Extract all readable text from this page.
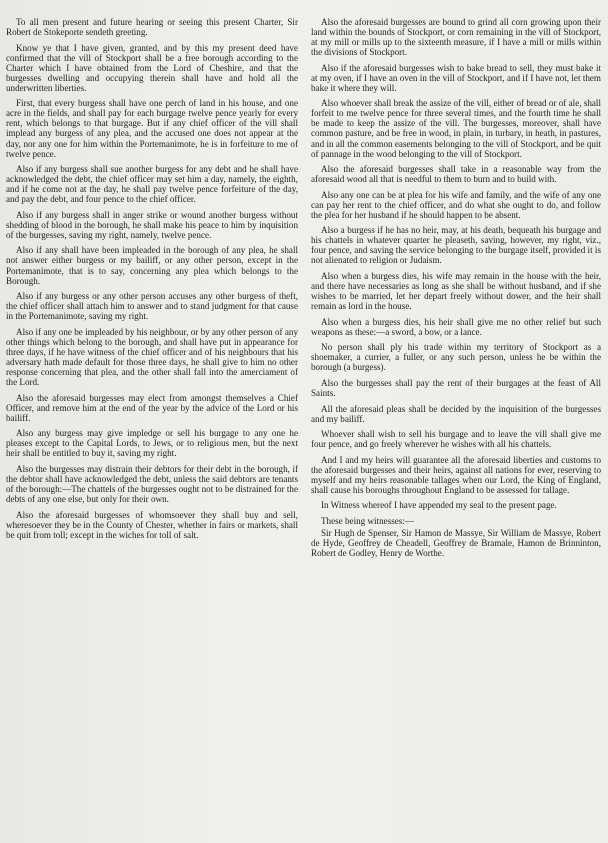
To all men present and future hearing or seeing this present Charter, Sir Robert de Stokeporte sendeth greeting.

Know ye that I have given, granted, and by this my present deed have confirmed that the vill of Stockport shall be a free borough according to the Charter which I have obtained from the Lord of Cheshire, and that the burgesses dwelling and occupying therein shall have and hold all the underwritten liberties.

First, that every burgess shall have one perch of land in his house, and one acre in the fields, and shall pay for each burgage twelve pence yearly for every rent, which belongs to that burgage. But if any chief officer of the vill shall implead any burgess of any plea, and the accused one does not appear at the day, nor any one for him within the Portemanimote, he is in forfeiture to me of twelve pence.

Also if any burgess shall sue another burgess for any debt and he shall have acknowledged the debt, the chief officer may set him a day, namely, the eighth, and if he come not at the day, he shall pay twelve pence forfeiture of the day, and pay the debt, and four pence to the chief officer.

Also if any burgess shall in anger strike or wound another burgess without shedding of blood in the borough, he shall make his peace to him by inquisition of the burgesses, saving my right, namely, twelve pence.

Also if any shall have been impleaded in the borough of any plea, he shall not answer either burgess or my bailiff, or any other person, except in the Portemanimote, that is to say, concerning any plea which belongs to the Borough.

Also if any burgess or any other person accuses any other burgess of theft, the chief officer shall attach him to answer and to stand judgment for that cause in the Portemanimote, saving my right.

Also if any one be impleaded by his neighbour, or by any other person of any other things which belong to the borough, and shall have put in appearance for three days, if he have witness of the chief officer and of his neighbours that his adversary hath made default for those three days, he shall give to him no other response concerning that plea, and the other shall fall into the amerciament of the Lord.

Also the aforesaid burgesses may elect from amongst themselves a Chief Officer, and remove him at the end of the year by the advice of the Lord or his bailiff.

Also any burgess may give impledge or sell his burgage to any one he pleases except to the Capital Lords, to Jews, or to religious men, but the next heir shall be entitled to buy it, saving my right.

Also the burgesses may distrain their debtors for their debt in the borough, if the debtor shall have acknowledged the debt, unless the said debtors are tenants of the borough:—The chattels of the burgesses ought not to be distrained for the debts of any one else, but only for their own.

Also the aforesaid burgesses of whomsoever they shall buy and sell, wheresoever they be in the County of Chester, whether in fairs or markets, shall be quit from toll; except in the wiches for toll of salt.

Also the aforesaid burgesses are bound to grind all corn growing upon their land within the bounds of Stockport, or corn remaining in the vill of Stockport, at my mill or mills up to the sixteenth measure, if I have a mill or mills within the divisions of Stockport.

Also if the aforesaid burgesses wish to bake bread to sell, they must bake it at my oven, if I have an oven in the vill of Stockport, and if I have not, let them bake it where they will.

Also whoever shall break the assize of the vill, either of bread or of ale, shall forfeit to me twelve pence for three several times, and the fourth time he shall be made to keep the assize of the vill. The burgesses, moreover, shall have common pasture, and be free in wood, in plain, in turbary, in heath, in pastures, and in all the common easements belonging to the vill of Stockport, and be quit of pannage in the wood belonging to the vill of Stockport.

Also the aforesaid burgesses shall take in a reasonable way from the aforesaid wood all that is needful to them to burn and to build with.

Also any one can be at plea for his wife and family, and the wife of any one can pay her rent to the chief officer, and do what she ought to do, and follow the plea for her husband if he should happen to be absent.

Also a burgess if he has no heir, may, at his death, bequeath his burgage and his chattels in whatever quarter he pleaseth, saving, however, my right, viz., four pence, and saving the service belonging to the burgage itself, provided it is not alienated to religion or Judaism.

Also when a burgess dies, his wife may remain in the house with the heir, and there have necessaries as long as she shall be without husband, and if she wishes to be married, let her depart freely without dower, and the heir shall remain as lord in the house.

Also when a burgess dies, his heir shall give me no other relief but such weapons as these:—a sword, a bow, or a lance.

No person shall ply his trade within my territory of Stockport as a shoemaker, a currier, a fuller, or any such person, unless he be within the borough (a burgess).

Also the burgesses shall pay the rent of their burgages at the feast of All Saints.

All the aforesaid pleas shall be decided by the inquisition of the burgesses and my bailiff.

Whoever shall wish to sell his burgage and to leave the vill shall give me four pence, and go freely wherever he wishes with all his chattels.

And I and my heirs will guarantee all the aforesaid liberties and customs to the aforesaid burgesses and their heirs, against all nations for ever, reserving to myself and my heirs reasonable tallages when our Lord, the King of England, shall cause his boroughs throughout England to be assessed for tallage.

In Witness whereof I have appended my seal to the present page.

These being witnesses:—

Sir Hugh de Spenser, Sir Hamon de Massye, Sir William de Massye, Robert de Hyde, Geoffrey de Cheadell, Geoffrey de Bramale, Hamon de Brinninton, Robert de Godley, Henry de Worthe.
